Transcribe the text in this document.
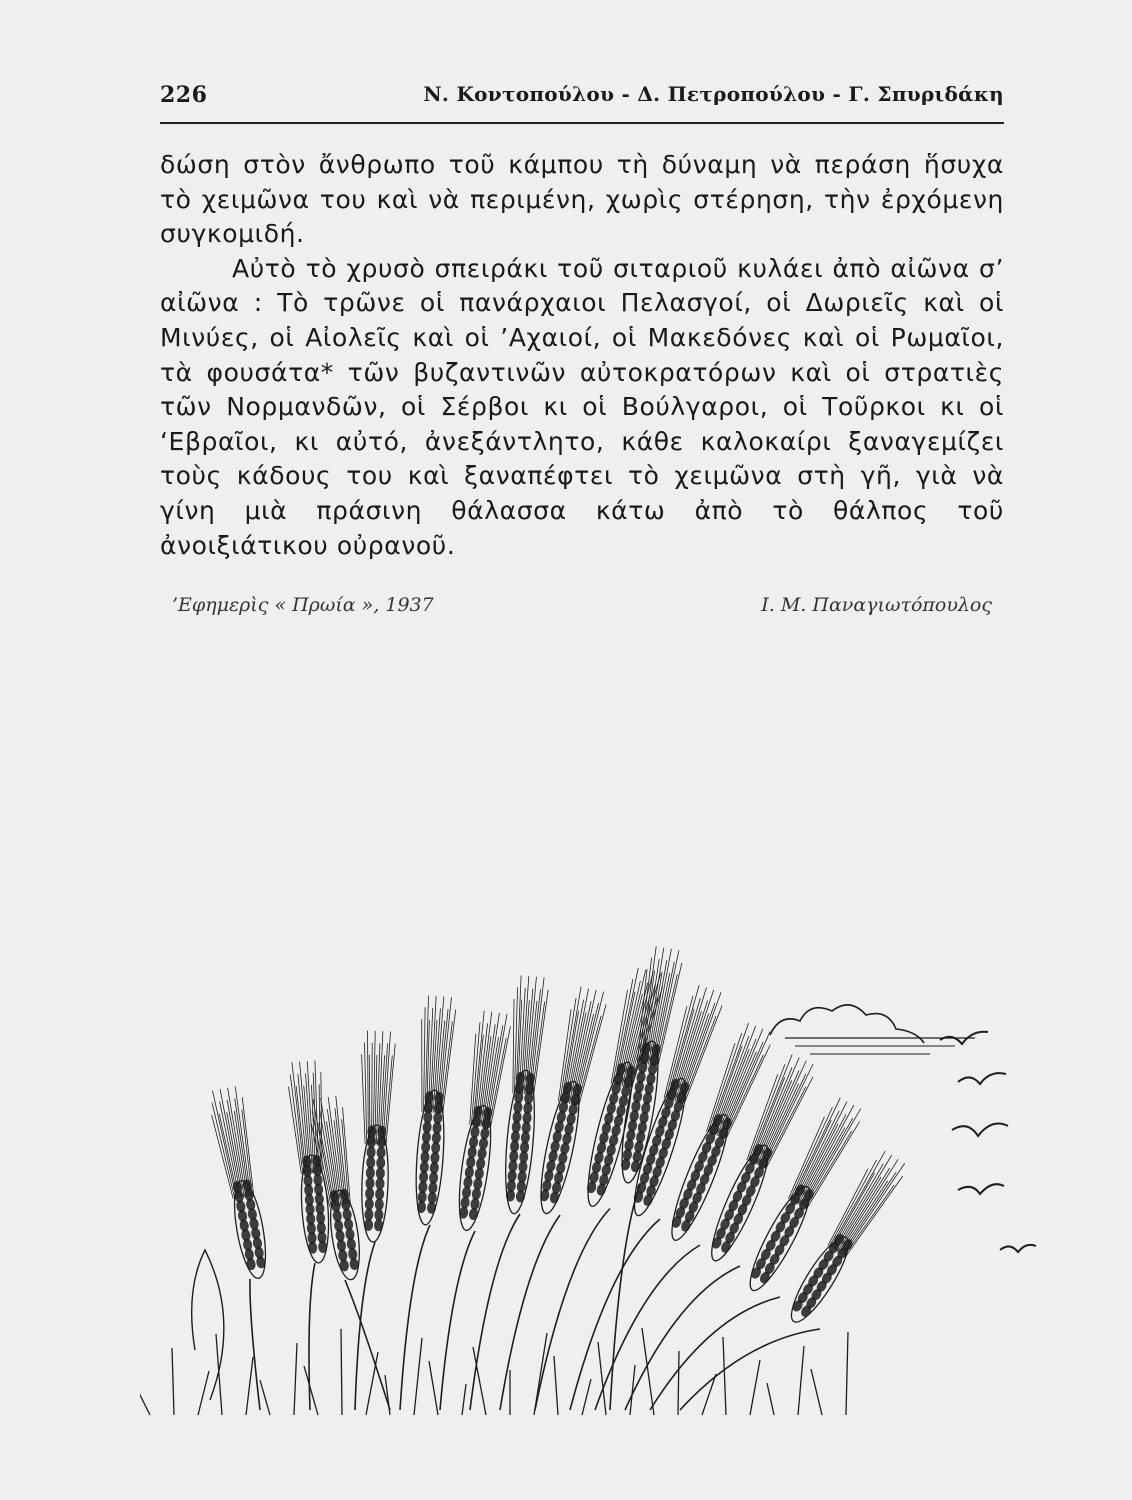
226	Ν. Κοντοπούλου - Δ. Πετροπούλου - Γ. Σπυριδάκη

δώση στὸν ἄνθρωπο τοῦ κάμπου τὴ δύναμη νὰ περάση ἥσυχα τὸ χειμῶνα του καὶ νὰ περιμένη, χωρὶς στέρηση, τὴν ἐρχόμενη συγκομιδή.

Αὐτὸ τὸ χρυσὸ σπειράκι τοῦ σιταριοῦ κυλάει ἀπὸ αἰῶνα σ’ αἰῶνα : Τὸ τρῶνε οἱ πανάρχαιοι Πελασγοί, οἱ Δωριεῖς καὶ οἱ Μινύες, οἱ Αἰολεῖς καὶ οἱ ’Αχαιοί, οἱ Μακεδόνες καὶ οἱ Ρωμαῖοι, τὰ φουσάτα* τῶν βυζαντινῶν αὐτοκρατόρων καὶ οἱ στρατιὲς τῶν Νορμανδῶν, οἱ Σέρβοι κι οἱ Βούλγαροι, οἱ Τοῦρκοι κι οἱ ‘Εβραῖοι, κι αὐτό, ἀνεξάντλητο, κάθε καλοκαίρι ξαναγεμίζει τοὺς κάδους του καὶ ξαναπέφτει τὸ χειμῶνα στὴ γῆ, γιὰ νὰ γίνη μιὰ πράσινη θάλασσα κάτω ἀπὸ τὸ θάλπος τοῦ ἀνοιξιάτικου οὐρανοῦ.

’Εφημερὶς « Πρωία », 1937	Ι. Μ. Παναγιωτόπουλος
